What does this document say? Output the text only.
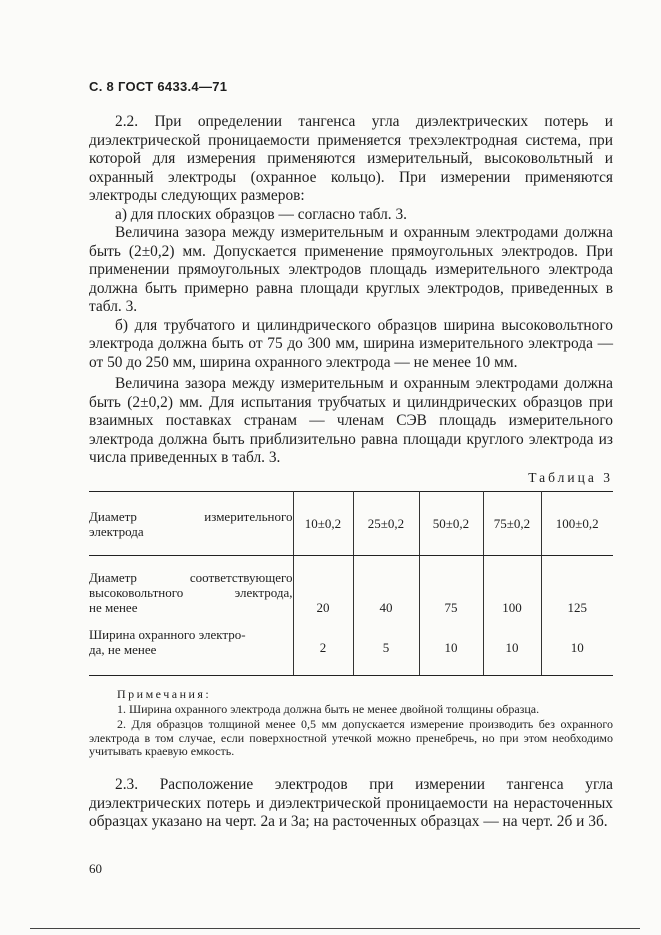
С. 8 ГОСТ 6433.4—71

2.2. При определении тангенса угла диэлектрических потерь и диэлектрической проницаемости применяется трехэлектродная система, при которой для измерения применяются измерительный, высоковольтный и охранный электроды (охранное кольцо). При измерении применяются электроды следующих размеров:

а) для плоских образцов — согласно табл. 3.

Величина зазора между измерительным и охранным электродами должна быть (2±0,2) мм. Допускается применение прямоугольных электродов. При применении прямоугольных электродов площадь измерительного электрода должна быть примерно равна площади круглых электродов, приведенных в табл. 3.

б) для трубчатого и цилиндрического образцов ширина высоковольтного электрода должна быть от 75 до 300 мм, ширина измерительного электрода — от 50 до 250 мм, ширина охранного электрода — не менее 10 мм.

Величина зазора между измерительным и охранным электродами должна быть (2±0,2) мм. Для испытания трубчатых и цилиндрических образцов при взаимных поставках странам — членам СЭВ площадь измерительного электрода должна быть приблизительно равна площади круглого электрода из числа приведенных в табл. 3.

Таблица 3
Диаметр измерительного
электрода	10±0,2	25±0,2	50±0,2	75±0,2	100±0,2

Диаметр соответствующего
высоковольтного электрода,
не менее	20	40	75	100	125

Ширина охранного электро-
да, не менее	2	5	10	10	10
Примечания:

1. Ширина охранного электрода должна быть не менее двойной толщины образца.

2. Для образцов толщиной менее 0,5 мм допускается измерение производить без охранного электрода в том случае, если поверхностной утечкой можно пренебречь, но при этом необходимо учитывать краевую емкость.

2.3. Расположение электродов при измерении тангенса угла диэлектрических потерь и диэлектрической проницаемости на нерасточенных образцах указано на черт. 2а и 3а; на расточенных образцах — на черт. 2б и 3б.

60
